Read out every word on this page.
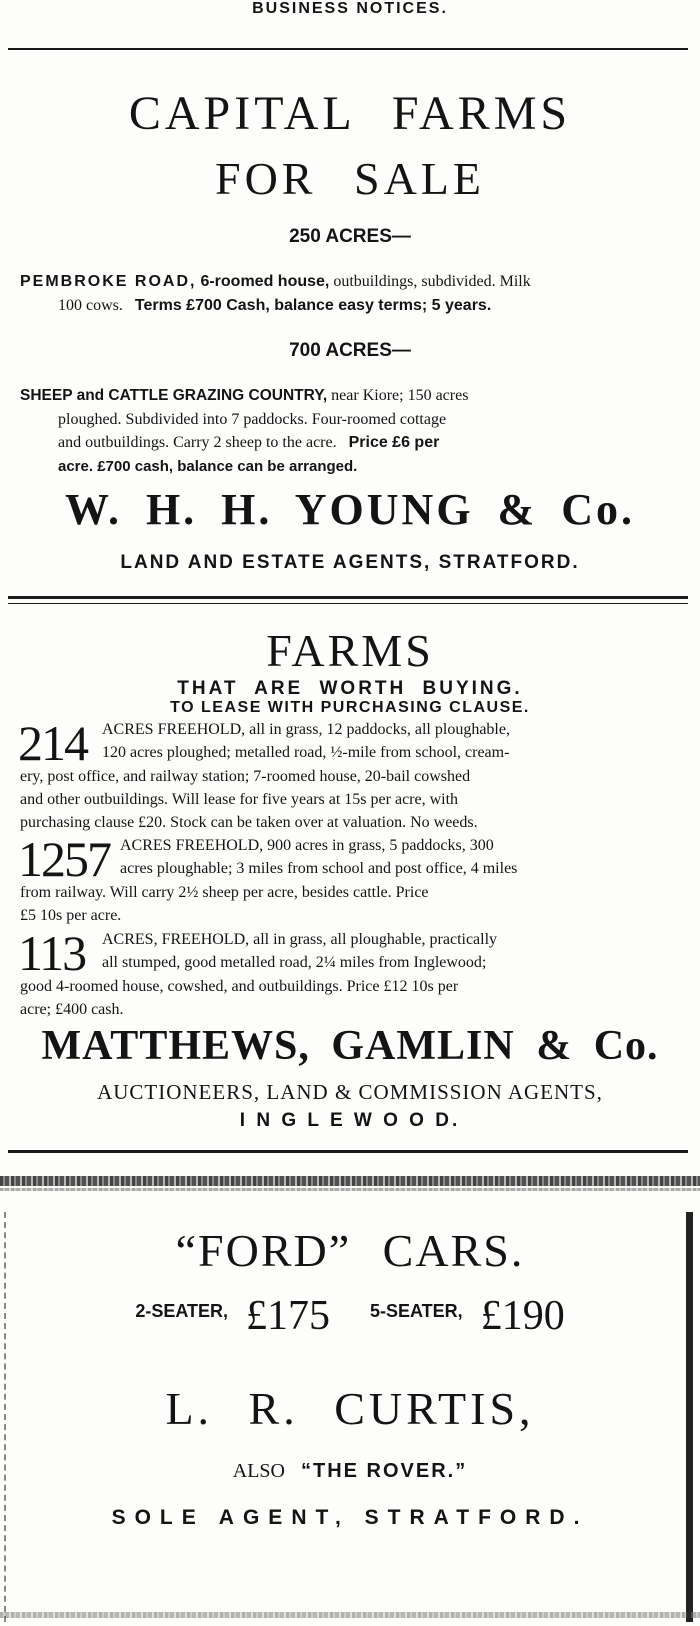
BUSINESS NOTICES.
CAPITAL FARMS
FOR SALE
250 ACRES—
PEMBROKE ROAD, 6-roomed house, outbuildings, subdivided. Milk
100 cows. Terms £700 Cash, balance easy terms; 5 years.
700 ACRES—
SHEEP and CATTLE GRAZING COUNTRY, near Kiore; 150 acres
ploughed. Subdivided into 7 paddocks. Four-roomed cottage
and outbuildings. Carry 2 sheep to the acre. Price £6 per
acre. £700 cash, balance can be arranged.
W. H. H. YOUNG & Co.
LAND AND ESTATE AGENTS, STRATFORD.
FARMS
THAT ARE WORTH BUYING.
TO LEASE WITH PURCHASING CLAUSE.
214 ACRES FREEHOLD, all in grass, 12 paddocks, all ploughable,
120 acres ploughed; metalled road, ½-mile from school, cream-
ery, post office, and railway station; 7-roomed house, 20-bail cowshed
and other outbuildings. Will lease for five years at 15s per acre, with
purchasing clause £20. Stock can be taken over at valuation. No weeds.
1257 ACRES FREEHOLD, 900 acres in grass, 5 paddocks, 300
acres ploughable; 3 miles from school and post office, 4 miles
from railway. Will carry 2½ sheep per acre, besides cattle. Price
£5 10s per acre.
113	ACRES, FREEHOLD, all in grass, all ploughable, practically
all stumped, good metalled road, 2¼ miles from Inglewood;
good 4-roomed house, cowshed, and outbuildings. Price £12 10s per
acre; £400 cash.
MATTHEWS, GAMLIN & Co.
AUCTIONEERS, LAND & COMMISSION AGENTS,
I N G L E W O O D.
“FORD” CARS.
2-SEATER, £175 5-SEATER, £190
L. R. CURTIS,
ALSO “THE ROVER.”
SOLE AGENT, STRATFORD.
